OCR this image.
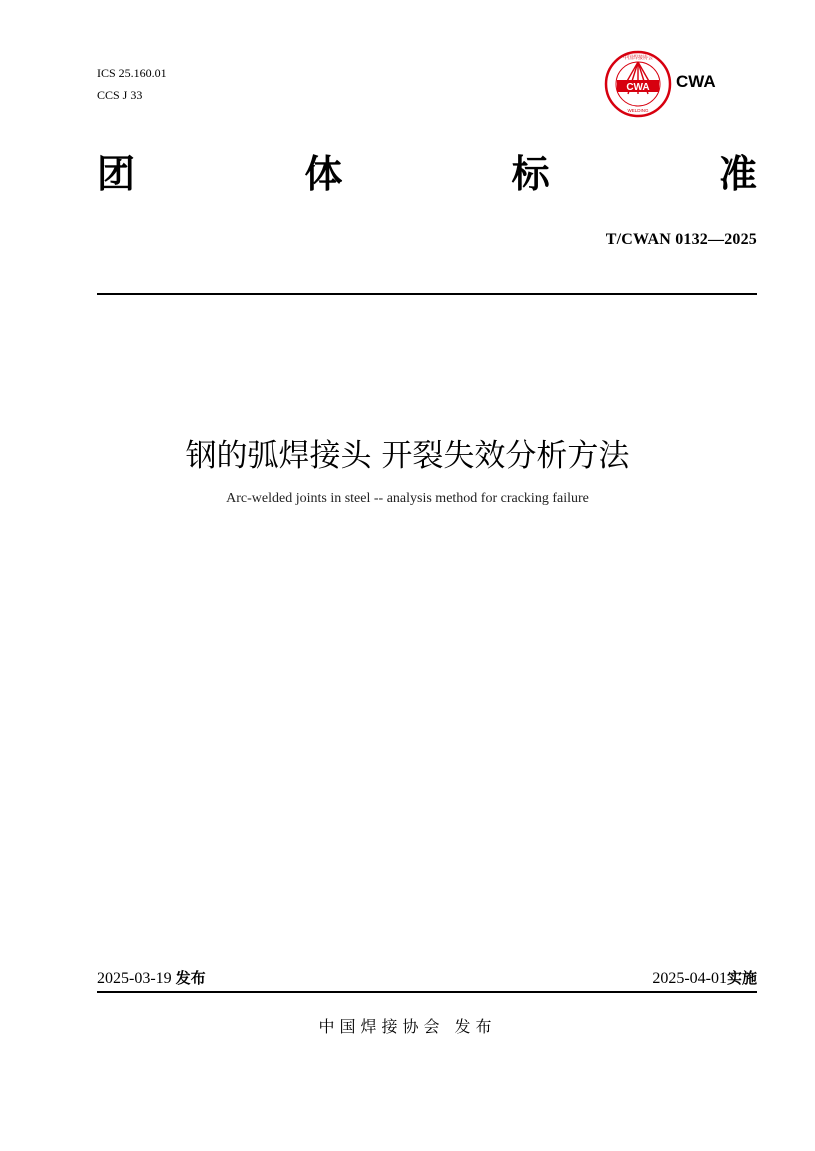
ICS 25.160.01
CCS J 33
CWA
WELDING
中国焊接协会
CWA
团	体	标	准
T/CWAN 0132—2025
钢的弧焊接头 开裂失效分析方法
Arc-welded joints in steel -- analysis method for cracking failure
2025-03-19 发布	2025-04-01实施
中国焊接协会 发布
